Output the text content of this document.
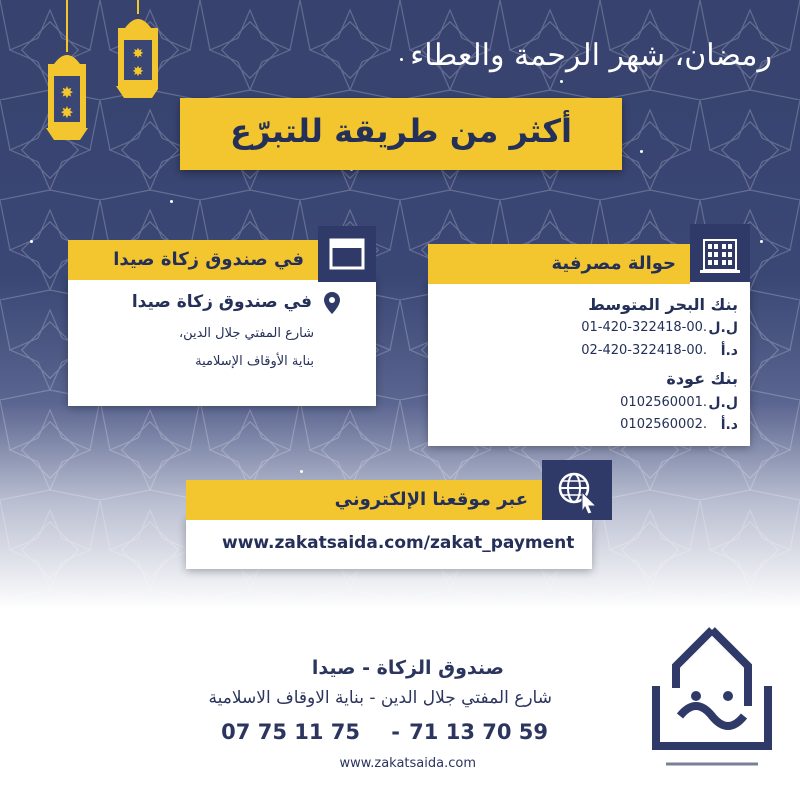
✸
✸
✸
✸	رمضان، شهر الرحمة والعطاء
أكثر من طريقة للتبرّع
في صندوق زكاة صيدا
في صندوق زكاة صيدا
شارع المفتي جلال الدين،
بناية الأوقاف الإسلامية
حوالة مصرفية
بنك البحر المتوسط
ل.ل
01-420-322418-00.
د.أ
02-420-322418-00.
بنك عودة
ل.ل
0102560001.
د.أ
0102560002.
عبر موقعنا الإلكتروني
www.zakatsaida.com/zakat_payment
صندوق الزكاة - صيدا
شارع المفتي جلال الدين - بناية الاوقاف الاسلامية
71 13 70 59
-
07 75 11 75
www.zakatsaida.com
